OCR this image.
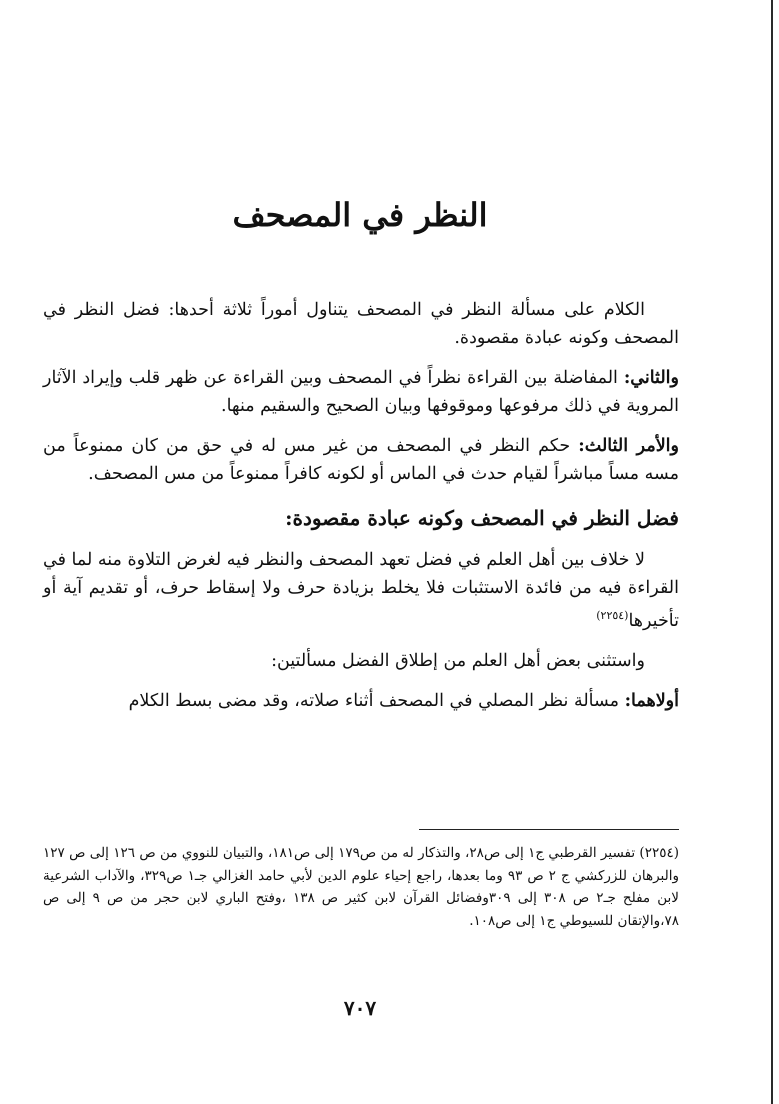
النظر في المصحف

الكلام على مسألة النظر في المصحف يتناول أموراً ثلاثة أحدها: فضل النظر في المصحف وكونه عبادة مقصودة.

والثاني: المفاضلة بين القراءة نظراً في المصحف وبين القراءة عن ظهر قلب وإيراد الآثار المروية في ذلك مرفوعها وموقوفها وبيان الصحيح والسقيم منها.

والأمر الثالث: حكم النظر في المصحف من غير مس له في حق من كان ممنوعاً من مسه مساً مباشراً لقيام حدث في الماس أو لكونه كافراً ممنوعاً من مس المصحف.

فضل النظر في المصحف وكونه عبادة مقصودة:

لا خلاف بين أهل العلم في فضل تعهد المصحف والنظر فيه لغرض التلاوة منه لما في القراءة فيه من فائدة الاستثبات فلا يخلط بزيادة حرف ولا إسقاط حرف، أو تقديم آية أو تأخيرها$^{(٢٢٥٤)}$

واستثنى بعض أهل العلم من إطلاق الفضل مسألتين:

أولاهما: مسألة نظر المصلي في المصحف أثناء صلاته، وقد مضى بسط الكلام

(٢٢٥٤) تفسير القرطبي ج١ إلى ص٢٨، والتذكار له من ص١٧٩ إلى ص١٨١، والتبيان للنووي من ص ١٢٦ إلى ص ١٢٧ والبرهان للزركشي ج ٢ ص ٩٣ وما بعدها، راجع إحياء علوم الدين لأبي حامد الغزالي جـ١ ص٣٢٩، والآداب الشرعية لابن مفلح جـ٢ ص ٣٠٨ إلى ٣٠٩وفضائل القرآن لابن كثير ص ١٣٨ ،وفتح الباري لابن حجر من ص ٩ إلى ص ٧٨،والإتقان للسيوطي ج١ إلى ص١٠٨.

٧٠٧
